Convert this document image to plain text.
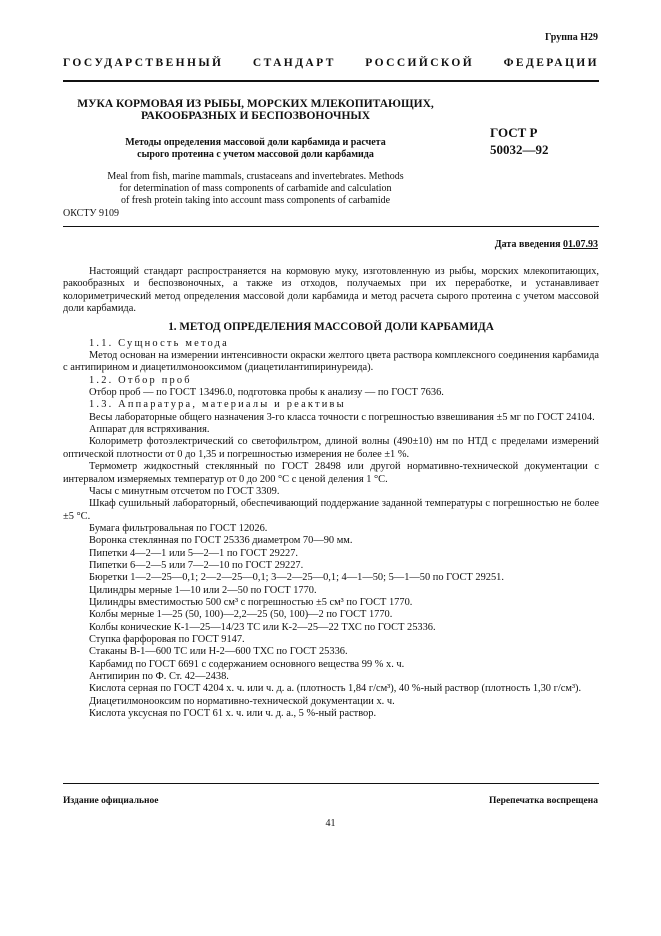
Группа Н29
ГОСУДАРСТВЕННЫЙ СТАНДАРТ РОССИЙСКОЙ ФЕДЕРАЦИИ
МУКА КОРМОВАЯ ИЗ РЫБЫ, МОРСКИХ МЛЕКОПИТАЮЩИХ,
РАКООБРАЗНЫХ И БЕСПОЗВОНОЧНЫХ
Методы определения массовой доли карбамида и расчета
сырого протеина с учетом массовой доли карбамида
ГОСТ Р
50032—92
Meal from fish, marine mammals, crustaceans and invertebrates. Methods
for determination of mass components of carbamide and calculation
of fresh protein taking into account mass components of carbamide
ОКСТУ 9109
Дата введения 01.07.93

Настоящий стандарт распространяется на кормовую муку, изготовленную из рыбы, морских млекопитающих, ракообразных и беспозвоночных, а также из отходов, получаемых при их переработке, и устанавливает колориметрический метод определения массовой доли карбамида и метод расчета сырого протеина с учетом массовой доли карбамида.

1. МЕТОД ОПРЕДЕЛЕНИЯ МАССОВОЙ ДОЛИ КАРБАМИДА

1.1. Сущность метода

Метод основан на измерении интенсивности окраски желтого цвета раствора комплексного соединения карбамида с антипирином и диацетилмонооксимом (диацетилантипиринуреида).

1.2. Отбор проб

Отбор проб — по ГОСТ 13496.0, подготовка пробы к анализу — по ГОСТ 7636.

1.3. Аппаратура, материалы и реактивы

Весы лабораторные общего назначения 3-го класса точности с погрешностью взвешивания ±5 мг по ГОСТ 24104.

Аппарат для встряхивания.

Колориметр фотоэлектрический со светофильтром, длиной волны (490±10) нм по НТД с пределами измерений оптической плотности от 0 до 1,35 и погрешностью измерения не более ±1 %.

Термометр жидкостный стеклянный по ГОСТ 28498 или другой нормативно-технической документации с интервалом измеряемых температур от 0 до 200 °С с ценой деления 1 °С.

Часы с минутным отсчетом по ГОСТ 3309.

Шкаф сушильный лабораторный, обеспечивающий поддержание заданной температуры с погрешностью не более ±5 °С.

Бумага фильтровальная по ГОСТ 12026.

Воронка стеклянная по ГОСТ 25336 диаметром 70—90 мм.

Пипетки 4—2—1 или 5—2—1 по ГОСТ 29227.

Пипетки 6—2—5 или 7—2—10 по ГОСТ 29227.

Бюретки 1—2—25—0,1; 2—2—25—0,1; 3—2—25—0,1; 4—1—50; 5—1—50 по ГОСТ 29251.

Цилиндры мерные 1—10 или 2—50 по ГОСТ 1770.

Цилиндры вместимостью 500 см³ с погрешностью ±5 см³ по ГОСТ 1770.

Колбы мерные 1—25 (50, 100)—2,2—25 (50, 100)—2 по ГОСТ 1770.

Колбы конические К-1—25—14/23 ТС или К-2—25—22 ТХС по ГОСТ 25336.

Ступка фарфоровая по ГОСТ 9147.

Стаканы В-1—600 ТС или Н-2—600 ТХС по ГОСТ 25336.

Карбамид по ГОСТ 6691 с содержанием основного вещества 99 % х. ч.

Антипирин по Ф. Ст. 42—2438.

Кислота серная по ГОСТ 4204 х. ч. или ч. д. а. (плотность 1,84 г/см³), 40 %-ный раствор (плотность 1,30 г/см³).

Диацетилмоноoксим по нормативно-технической документации х. ч.

Кислота уксусная по ГОСТ 61 х. ч. или ч. д. а., 5 %-ный раствор.

Издание официальное	Перепечатка воспрещена
41
